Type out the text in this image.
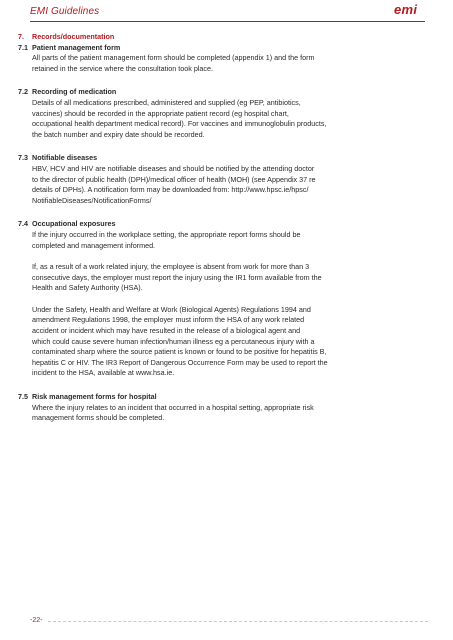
EMI Guidelines	emi
7.	Records/documentation
7.1 Patient management form
All parts of the patient management form should be completed (appendix 1) and the form
retained in the service where the consultation took place.
7.2 Recording of medication
Details of all medications prescribed, administered and supplied (eg PEP, antibiotics,
vaccines) should be recorded in the appropriate patient record (eg hospital chart,
occupational health department medical record). For vaccines and immunoglobulin products,
the batch number and expiry date should be recorded.
7.3 Notifiable diseases
HBV, HCV and HIV are notifiable diseases and should be notified by the attending doctor
to the director of public health (DPH)/medical officer of health (MOH) (see Appendix 37 re
details of DPHs). A notification form may be downloaded from: http://www.hpsc.ie/hpsc/
NotifiableDiseases/NotificationForms/
7.4 Occupational exposures
If the injury occurred in the workplace setting, the appropriate report forms should be
completed and management informed.
If, as a result of a work related injury, the employee is absent from work for more than 3
consecutive days, the employer must report the injury using the IR1 form available from the
Health and Safety Authority (HSA).
Under the Safety, Health and Welfare at Work (Biological Agents) Regulations 1994 and
amendment Regulations 1998, the employer must inform the HSA of any work related
accident or incident which may have resulted in the release of a biological agent and
which could cause severe human infection/human illness eg a percutaneous injury with a
contaminated sharp where the source patient is known or found to be positive for hepatitis B,
hepatitis C or HIV. The IR3 Report of Dangerous Occurrence Form may be used to report the
incident to the HSA, available at www.hsa.ie.
7.5 Risk management forms for hospital
Where the injury relates to an incident that occurred in a hospital setting, appropriate risk
management forms should be completed.
-22-
